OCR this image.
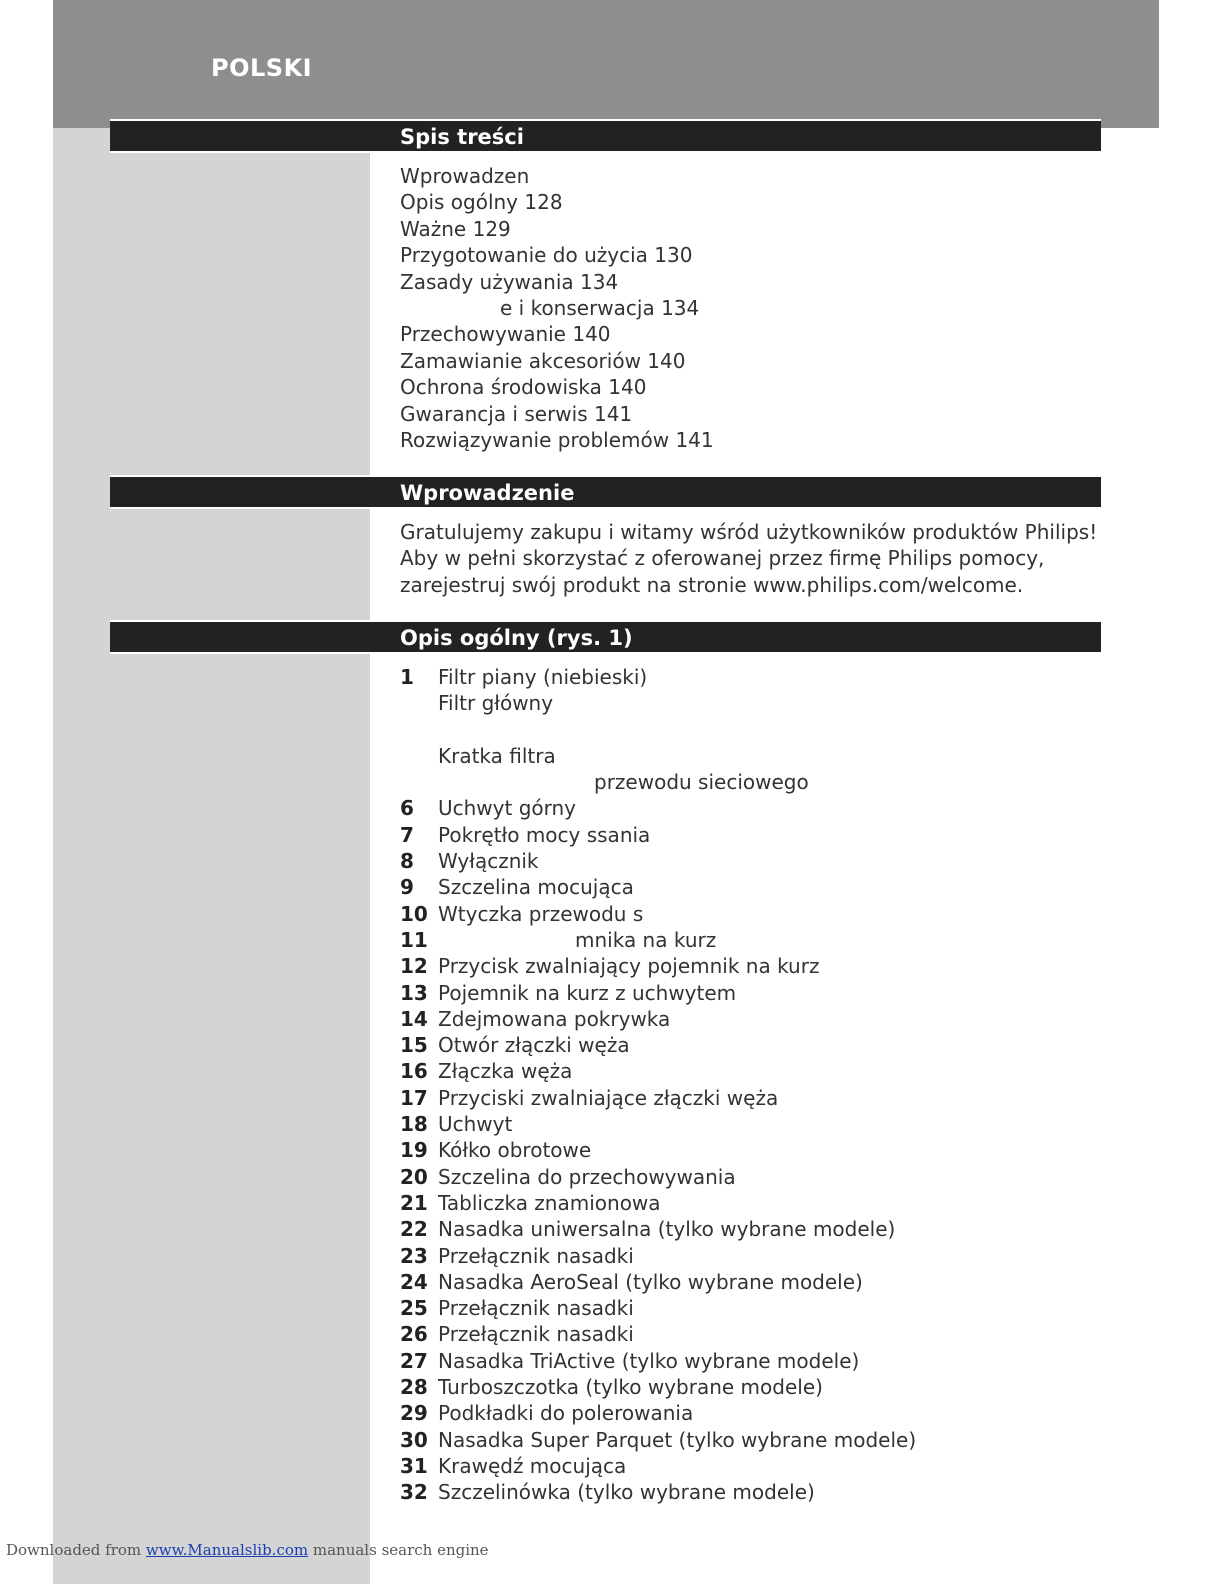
POLSKI
Spis treści
Wprowadzen
Opis ogólny 128
Ważne 129
Przygotowanie do użycia 130
Zasady używania 134
e i konserwacja 134
Przechowywanie 140
Zamawianie akcesoriów 140
Ochrona środowiska 140
Gwarancja i serwis 141
Rozwiązywanie problemów 141
Wprowadzenie

Gratulujemy zakupu i witamy wśród użytkowników produktów Philips! Aby w pełni skorzystać z oferowanej przez firmę Philips pomocy, zarejestruj swój produkt na stronie www.philips.com/welcome.

Opis ogólny (rys. 1)
1	Filtr piany (niebieski)
Filtr główny

Kratka filtra
przewodu sieciowego
6	Uchwyt górny
7	Pokrętło mocy ssania
8	Wyłącznik
9	Szczelina mocująca
10 Wtyczka przewodu s
11	mnika na kurz
12 Przycisk zwalniający pojemnik na kurz
13 Pojemnik na kurz z uchwytem
14 Zdejmowana pokrywka
15 Otwór złączki węża
16 Złączka węża
17 Przyciski zwalniające złączki węża
18 Uchwyt
19 Kółko obrotowe
20 Szczelina do przechowywania
21 Tabliczka znamionowa
22 Nasadka uniwersalna (tylko wybrane modele)
23 Przełącznik nasadki
24 Nasadka AeroSeal (tylko wybrane modele)
25 Przełącznik nasadki
26 Przełącznik nasadki
27 Nasadka TriActive (tylko wybrane modele)
28 Turboszczotka (tylko wybrane modele)
29 Podkładki do polerowania
30 Nasadka Super Parquet (tylko wybrane modele)
31 Krawędź mocująca
32 Szczelinówka (tylko wybrane modele)

Downloaded from www.Manualslib.com manuals search engine
